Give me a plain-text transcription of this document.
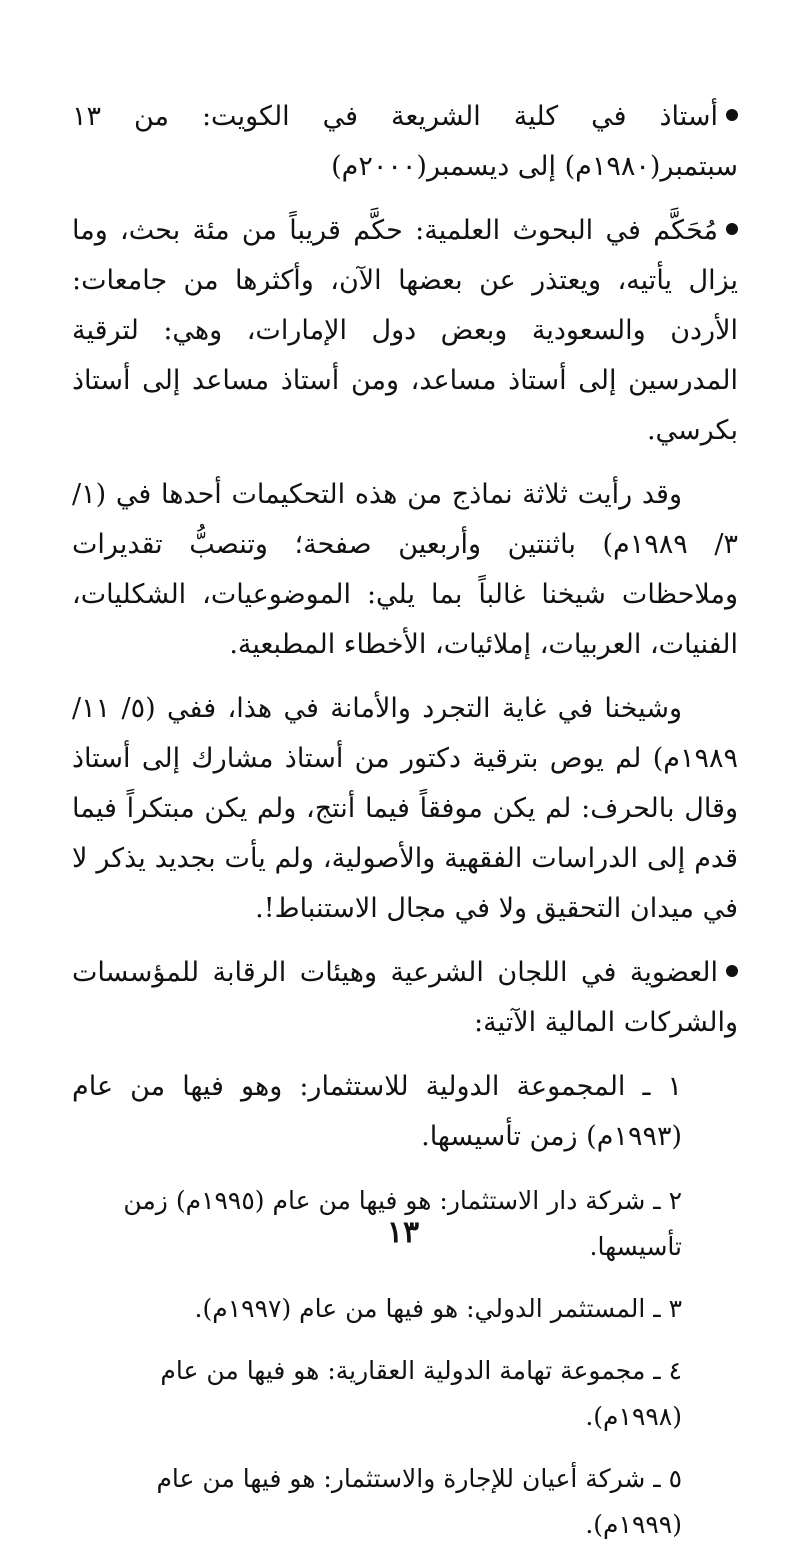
أستاذ في كلية الشريعة في الكويت: من ١٣ سبتمبر(١٩٨٠م) إلى ديسمبر(٢٠٠٠م)

مُحَكَّم في البحوث العلمية: حكَّم قريباً من مئة بحث، وما يزال يأتيه، ويعتذر عن بعضها الآن، وأكثرها من جامعات: الأردن والسعودية وبعض دول الإمارات، وهي: لترقية المدرسين إلى أستاذ مساعد، ومن أستاذ مساعد إلى أستاذ بكرسي.

وقد رأيت ثلاثة نماذج من هذه التحكيمات أحدها في (١/ ٣/ ١٩٨٩م) باثنتين وأربعين صفحة؛ وتنصبُّ تقديرات وملاحظات شيخنا غالباً بما يلي: الموضوعيات، الشكليات، الفنيات، العربيات، إملائيات، الأخطاء المطبعية.

وشيخنا في غاية التجرد والأمانة في هذا، ففي (٥/ ١١/ ١٩٨٩م) لم يوص بترقية دكتور من أستاذ مشارك إلى أستاذ وقال بالحرف: لم يكن موفقاً فيما أنتج، ولم يكن مبتكراً فيما قدم إلى الدراسات الفقهية والأصولية، ولم يأت بجديد يذكر لا في ميدان التحقيق ولا في مجال الاستنباط!.

العضوية في اللجان الشرعية وهيئات الرقابة للمؤسسات والشركات المالية الآتية:

١ ـ المجموعة الدولية للاستثمار: وهو فيها من عام (١٩٩٣م) زمن تأسيسها.
٢ ـ شركة دار الاستثمار: هو فيها من عام (١٩٩٥م) زمن تأسيسها.
٣ ـ المستثمر الدولي: هو فيها من عام (١٩٩٧م).
٤ ـ مجموعة تهامة الدولية العقارية: هو فيها من عام (١٩٩٨م).
٥ ـ شركة أعيان للإجارة والاستثمار: هو فيها من عام (١٩٩٩م).
١٣
